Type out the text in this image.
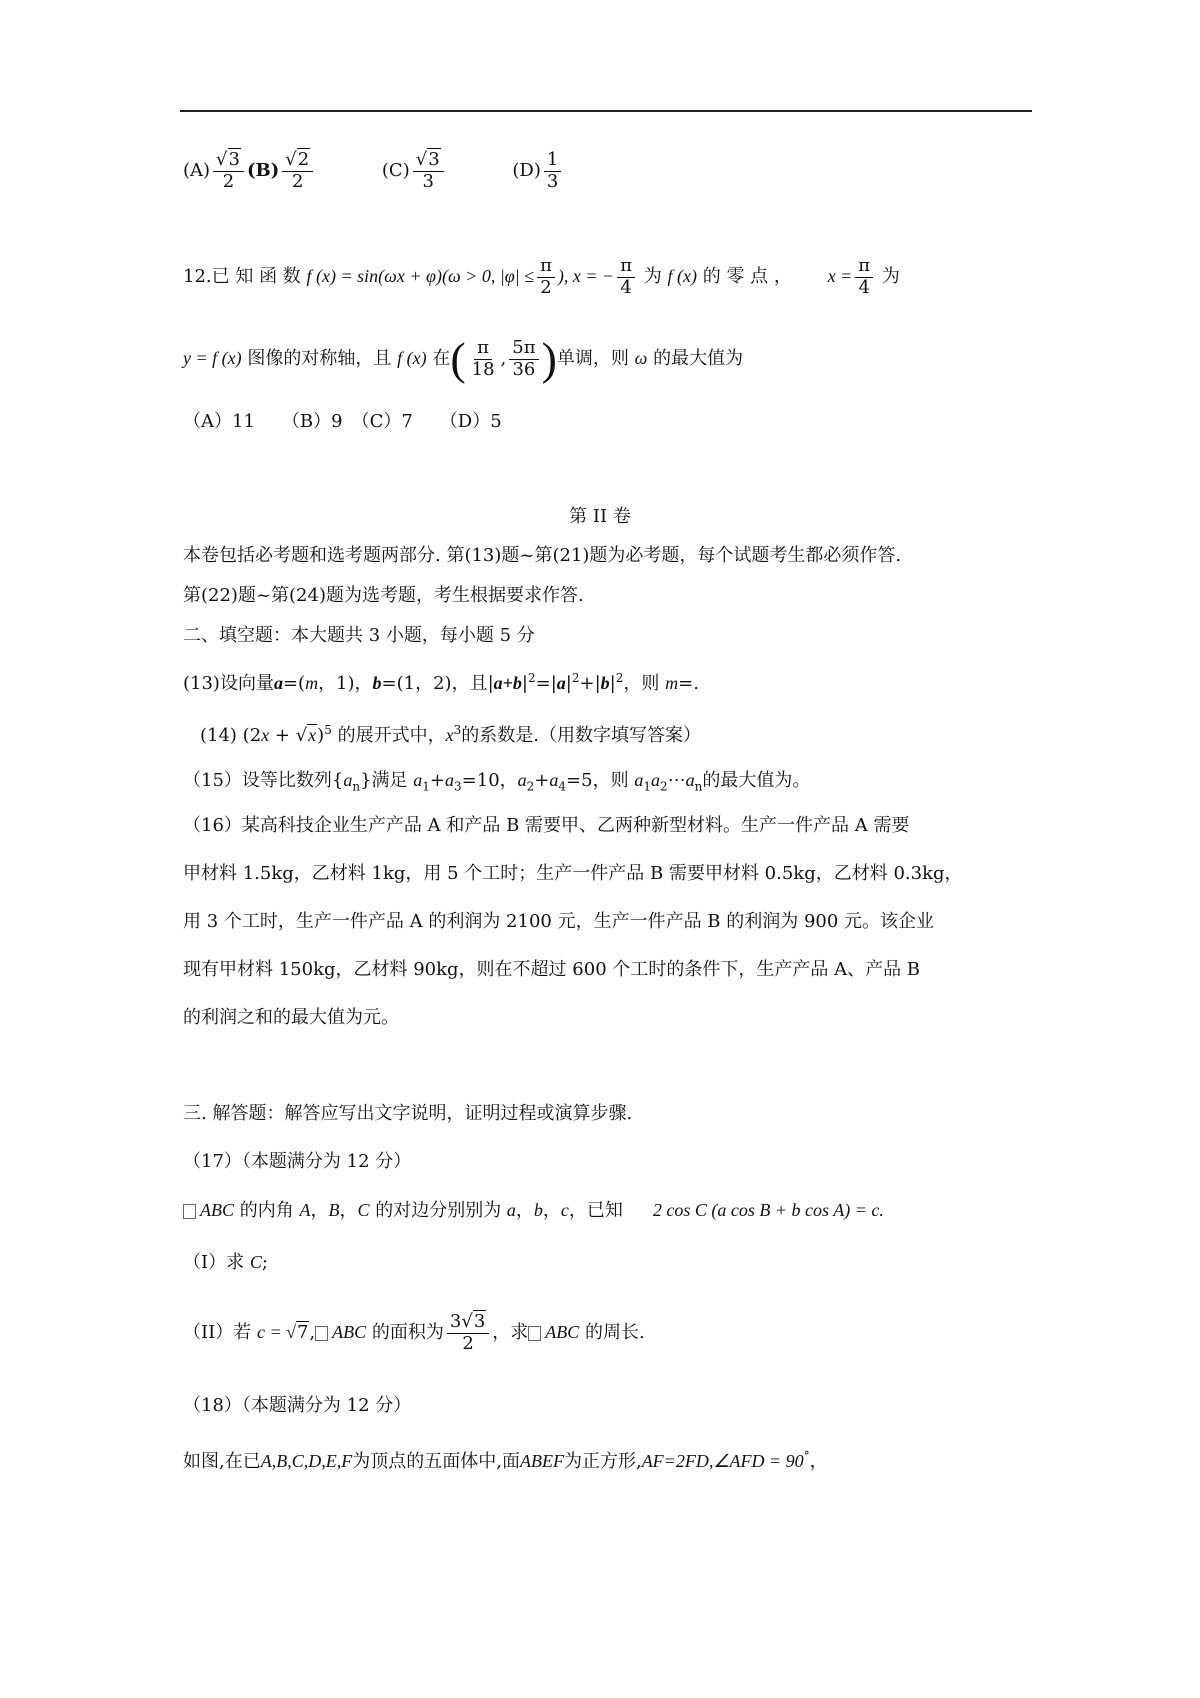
$(A) \frac{√3}{2} (B) \frac{√2}{2}$	$(C) \frac{√3}{3}$	$(D) \frac{1}{3}$
12.已 知 函 数 f (x) = sin(ωx + φ)(ω > 0, $|\varphi| \le \frac{\pi}{2}$ ), x = − $\frac{\pi}{4}$ 为 f (x) 的 零 点 ， $x = \frac{\pi}{4}$ 为
y = f (x) 图像的对称轴，且 f (x) 在( $\frac{\pi}{18}$ , $\frac{5\pi}{36}$ )单调，则 ω 的最大值为
（A）11　　（B）9　（C）7　　（D）5
第 II 卷
本卷包括必考题和选考题两部分. 第(13)题~第(21)题为必考题，每个试题考生都必须作答.
第(22)题~第(24)题为选考题，考生根据要求作答.
二、填空题：本大题共 3 小题，每小题 5 分
(13)设向量a=(m，1)，b=(1，2)，且$|a+b|^2=|a|^2+|b|^2$，则 m=.
(14) $(2x + √x)^5$ 的展开式中，$x^3$的系数是.（用数字填写答案）
（15）设等比数列$\{a_n\}$满足 $a_1+a_3=10$，$a_2+a_4=5$，则 $a_1a_2\cdots a_n$的最大值为。
（16）某高科技企业生产产品 A 和产品 B 需要甲、乙两种新型材料。生产一件产品 A 需要
甲材料 1.5kg，乙材料 1kg，用 5 个工时；生产一件产品 B 需要甲材料 0.5kg，乙材料 0.3kg，
用 3 个工时，生产一件产品 A 的利润为 2100 元，生产一件产品 B 的利润为 900 元。该企业
现有甲材料 150kg，乙材料 90kg，则在不超过 600 个工时的条件下，生产产品 A、产品 B
的利润之和的最大值为元。
三. 解答题：解答应写出文字说明，证明过程或演算步骤.
（17）（本题满分为 12 分）
ABC 的内角 A，B，C 的对边分别别为 a，b，c，已知 2 cos C (a cos B + b cos A) = c.
（I）求 C;
（II）若 c = √7, ABC 的面积为 $\frac{3√3}{2}$ ，求 ABC 的周长.
（18）（本题满分为 12 分）
如图,在已A,B,C,D,E,F为顶点的五面体中,面ABEF为正方形,AF=2FD,∠AFD = 90°，
